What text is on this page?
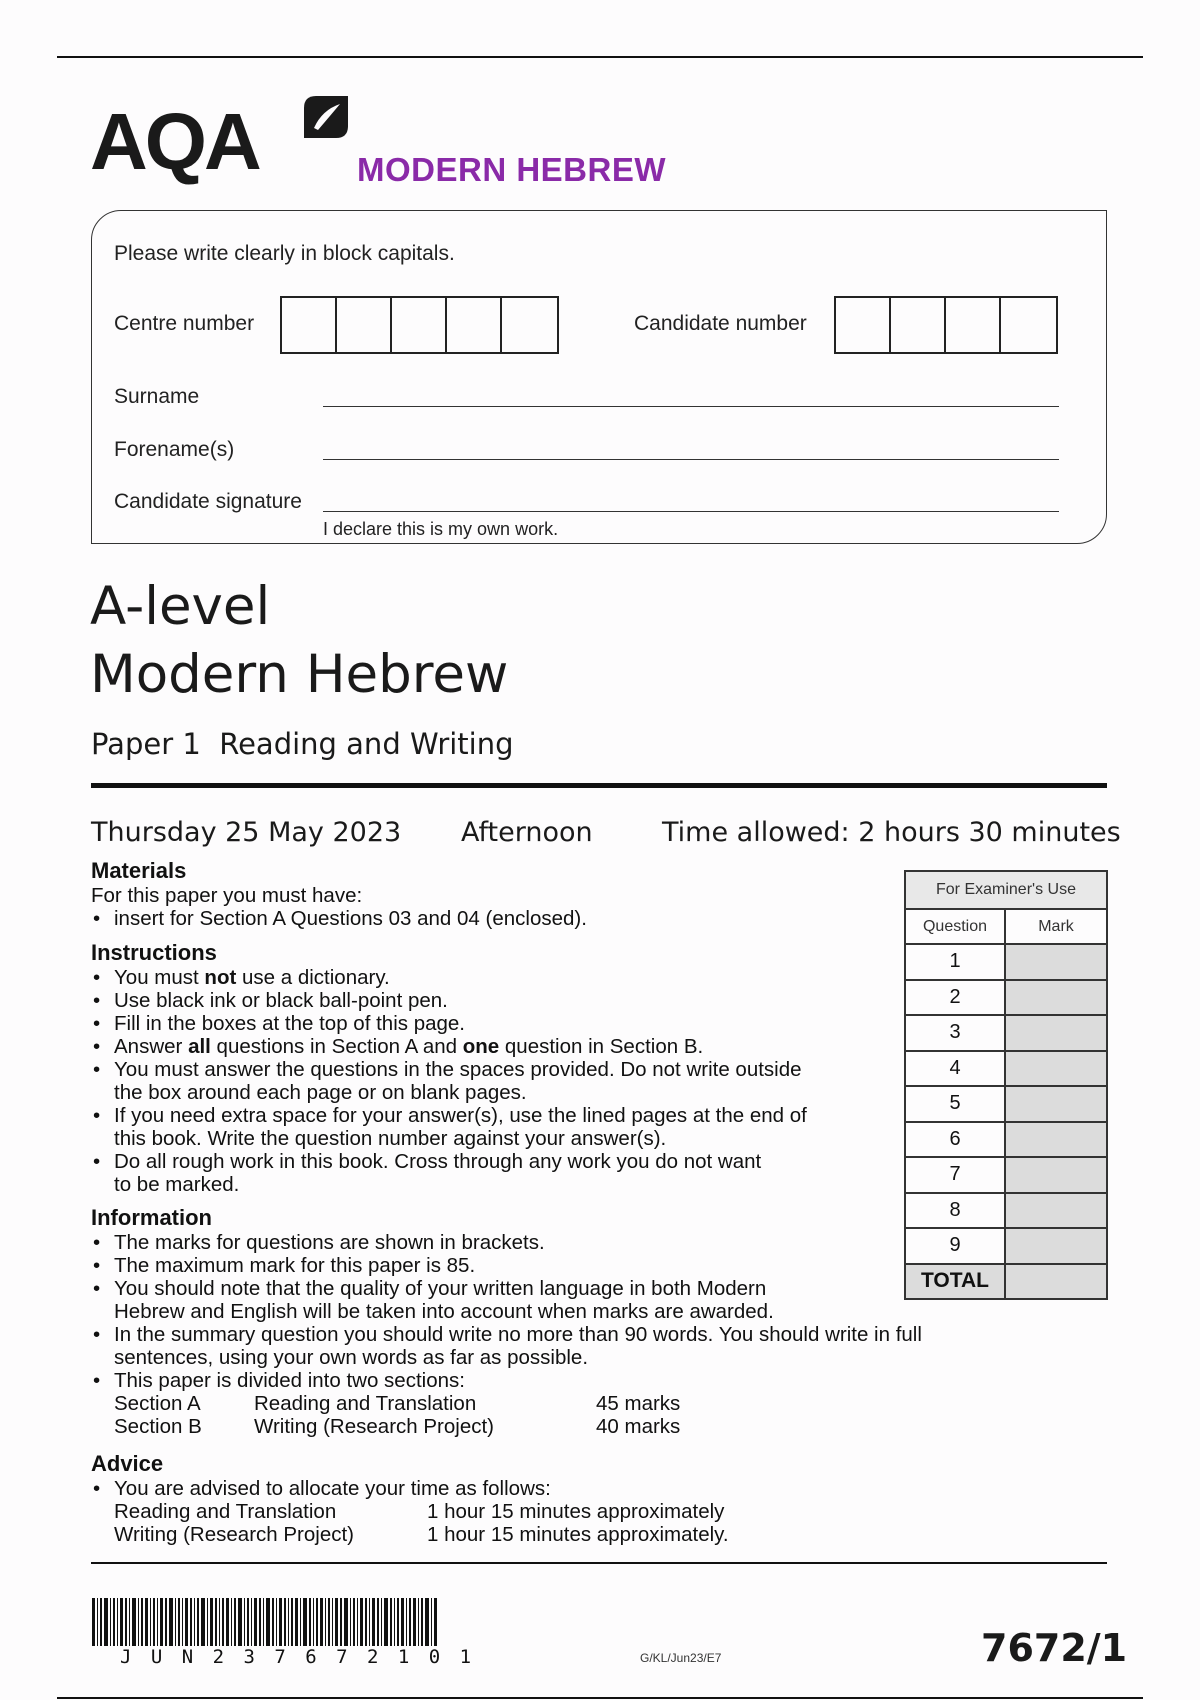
AQA	MODERN HEBREW
Please write clearly in block capitals.
Centre number	Candidate number
Surname
Forename(s)
Candidate signature
I declare this is my own work.
A-level
Modern Hebrew
Paper 1  Reading and Writing
Thursday 25 May 2023 Afternoon	Time allowed: 2 hours 30 minutes
Materials
For this paper you must have:
• insert for Section A Questions 03 and 04 (enclosed).
Instructions
• You must not use a dictionary.
• Use black ink or black ball-point pen.
• Fill in the boxes at the top of this page.
• Answer all questions in Section A and one question in Section B.
• You must answer the questions in the spaces provided. Do not write outside
the box around each page or on blank pages.
• If you need extra space for your answer(s), use the lined pages at the end of
this book. Write the question number against your answer(s).
• Do all rough work in this book. Cross through any work you do not want
to be marked.
Information
• The marks for questions are shown in brackets.
• The maximum mark for this paper is 85.
• You should note that the quality of your written language in both Modern
Hebrew and English will be taken into account when marks are awarded.
• In the summary question you should write no more than 90 words. You should write in full
sentences, using your own words as far as possible.
• This paper is divided into two sections:
Section A	Reading and Translation	45 marks
Section B	Writing (Research Project)	40 marks
Advice
• You are advised to allocate your time as follows:
Reading and Translation	1 hour 15 minutes approximately
Writing (Research Project)	1 hour 15 minutes approximately.
For Examiner's Use	
Question	Mark
1	
2	
3	
4	
5	
6	
7	
8	
9	
TOTAL	
J U N 2 3 7 6 7 2 1 0 1	G/KL/Jun23/E7	7672/1
